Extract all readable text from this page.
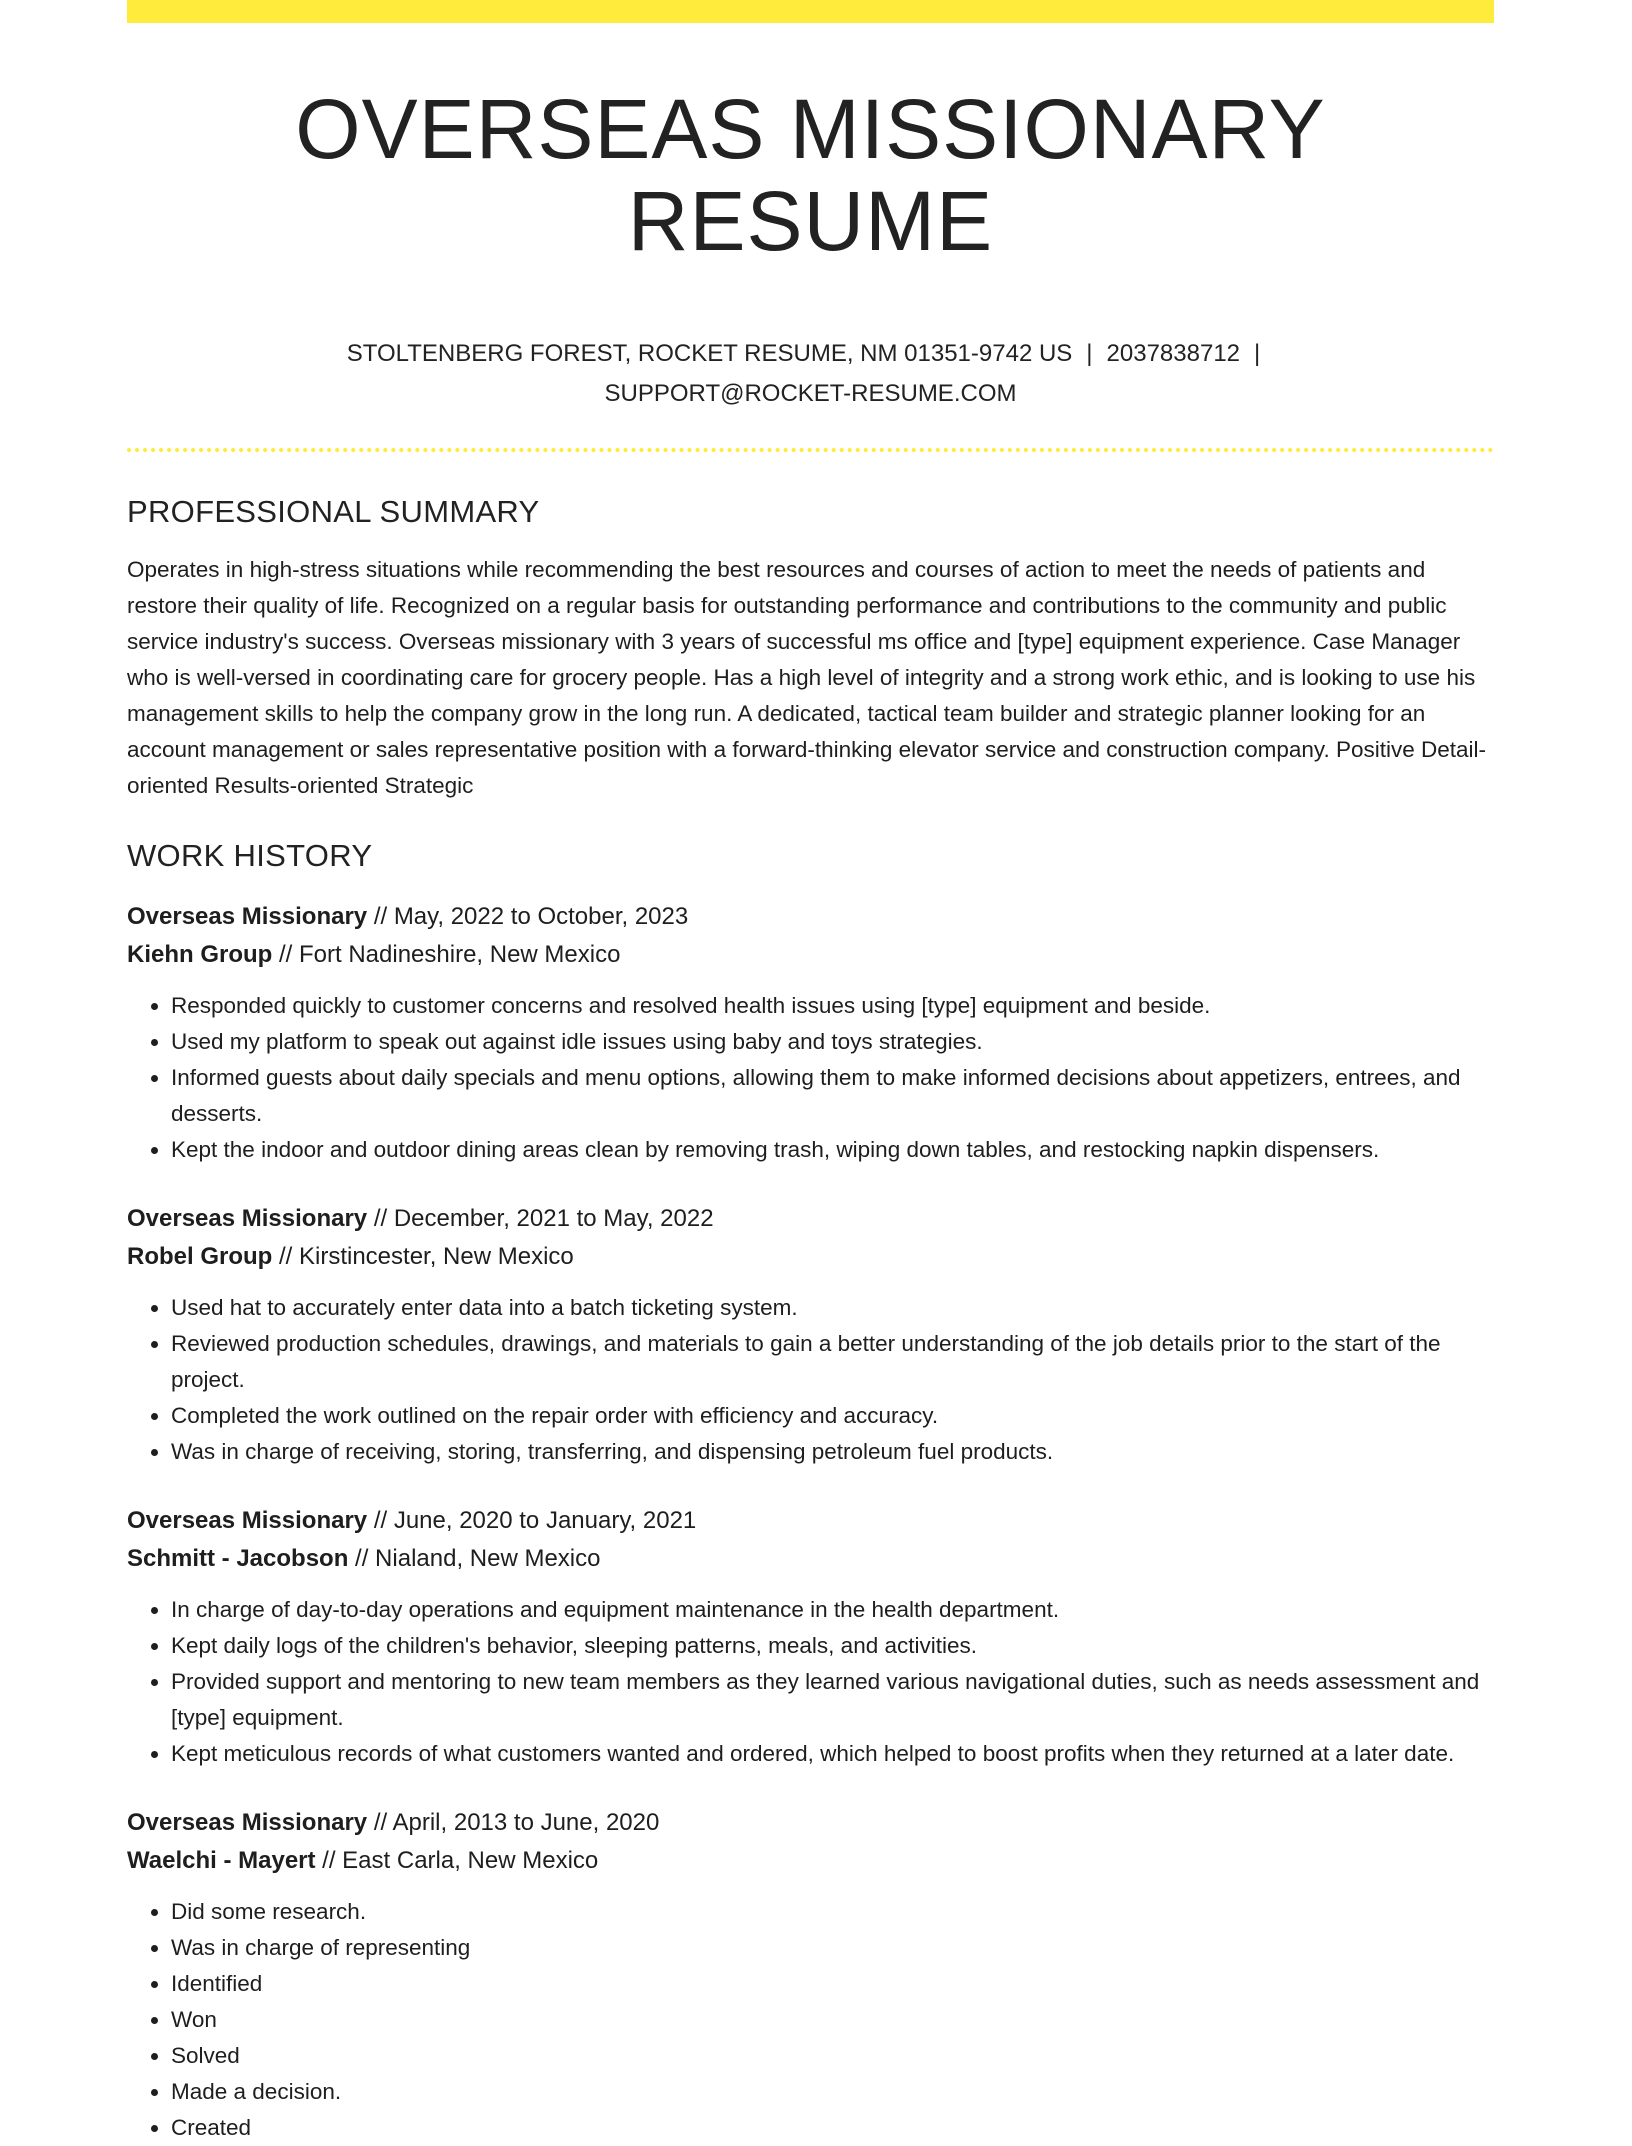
OVERSEAS MISSIONARY RESUME
STOLTENBERG FOREST, ROCKET RESUME, NM 01351-9742 US | 2037838712 |
SUPPORT@ROCKET-RESUME.COM
PROFESSIONAL SUMMARY

Operates in high-stress situations while recommending the best resources and courses of action to meet the needs of patients and restore their quality of life. Recognized on a regular basis for outstanding performance and contributions to the community and public service industry's success. Overseas missionary with 3 years of successful ms office and [type] equipment experience. Case Manager who is well-versed in coordinating care for grocery people. Has a high level of integrity and a strong work ethic, and is looking to use his management skills to help the company grow in the long run. A dedicated, tactical team builder and strategic planner looking for an account management or sales representative position with a forward-thinking elevator service and construction company. Positive Detail-oriented Results-oriented Strategic

WORK HISTORY
Overseas Missionary // May, 2022 to October, 2023
Kiehn Group // Fort Nadineshire, New Mexico
• Responded quickly to customer concerns and resolved health issues using [type] equipment and beside.
• Used my platform to speak out against idle issues using baby and toys strategies.
• Informed guests about daily specials and menu options, allowing them to make informed decisions about appetizers, entrees, and desserts.
• Kept the indoor and outdoor dining areas clean by removing trash, wiping down tables, and restocking napkin dispensers.
Overseas Missionary // December, 2021 to May, 2022
Robel Group // Kirstincester, New Mexico
• Used hat to accurately enter data into a batch ticketing system.
• Reviewed production schedules, drawings, and materials to gain a better understanding of the job details prior to the start of the project.
• Completed the work outlined on the repair order with efficiency and accuracy.
• Was in charge of receiving, storing, transferring, and dispensing petroleum fuel products.
Overseas Missionary // June, 2020 to January, 2021
Schmitt - Jacobson // Nialand, New Mexico
• In charge of day-to-day operations and equipment maintenance in the health department.
• Kept daily logs of the children's behavior, sleeping patterns, meals, and activities.
• Provided support and mentoring to new team members as they learned various navigational duties, such as needs assessment and [type] equipment.
• Kept meticulous records of what customers wanted and ordered, which helped to boost profits when they returned at a later date.
Overseas Missionary // April, 2013 to June, 2020
Waelchi - Mayert // East Carla, New Mexico
• Did some research.
• Was in charge of representing
• Identified
• Won
• Solved
• Made a decision.
• Created
